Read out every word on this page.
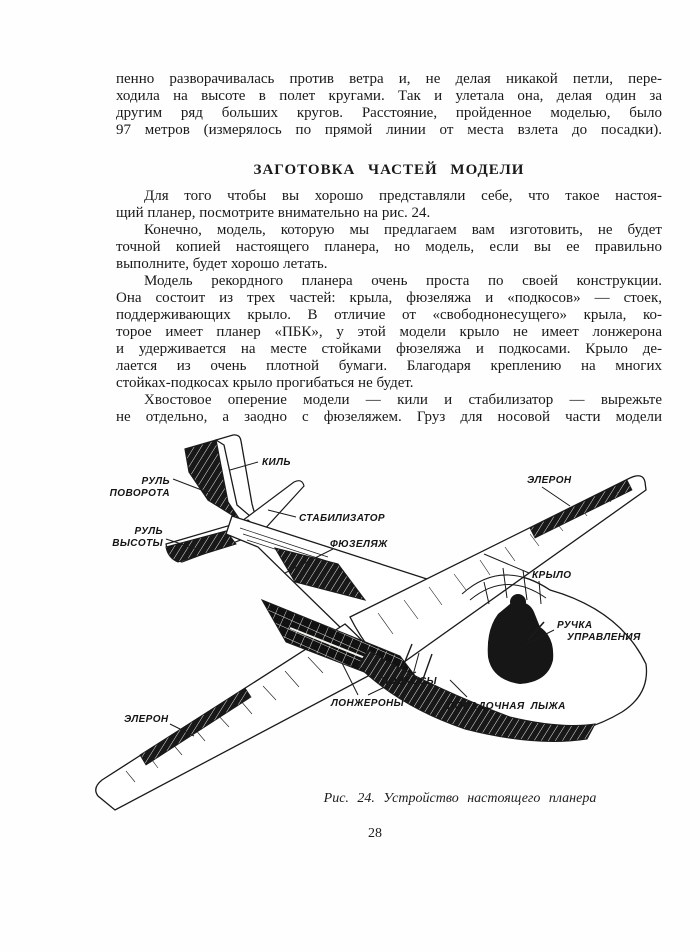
пенно разворачивалась против ветра и, не делая никакой петли, пере-
ходила на высоте в полет кругами. Так и улетала она, делая один за
другим ряд больших кругов. Расстояние, пройденное моделью, было
97 метров (измерялось по прямой линии от места взлета до посадки).
ЗАГОТОВКА ЧАСТЕЙ МОДЕЛИ
Для того чтобы вы хорошо представляли себе, что такое настоя-
щий планер, посмотрите внимательно на рис. 24.
Конечно, модель, которую мы предлагаем вам изготовить, не будет
точной копией настоящего планера, но модель, если вы ее правильно
выполните, будет хорошо летать.
Модель рекордного планера очень проста по своей конструкции.
Она состоит из трех частей: крыла, фюзеляжа и «подкосов» — стоек,
поддерживающих крыло. В отличие от «свободнонесущего» крыла, ко-
торое имеет планер «ПБК», у этой модели крыло не имеет лонжерона
и удерживается на месте стойками фюзеляжа и подкосами. Крыло де-
лается из очень плотной бумаги. Благодаря креплению на многих
стойках-подкосах крыло прогибаться не будет.
Хвостовое оперение модели — кили и стабилизатор — вырежьте
не отдельно, а заодно с фюзеляжем. Груз для носовой части модели
КИЛЬ
РУЛЬ
ПОВОРОТА
СТАБИЛИЗАТОР
РУЛЬ
ВЫСОТЫ	ФЮЗЕЛЯЖ
ЭЛЕРОН
КРЫЛО
РУЧКА
УПРАВЛЕНИЯ
ПОДКОСЫ
ЛОНЖЕРОНЫ	ПОСАДОЧНАЯ ЛЫЖА
ЭЛЕРОН
Рис. 24. Устройство настоящего планера
28
